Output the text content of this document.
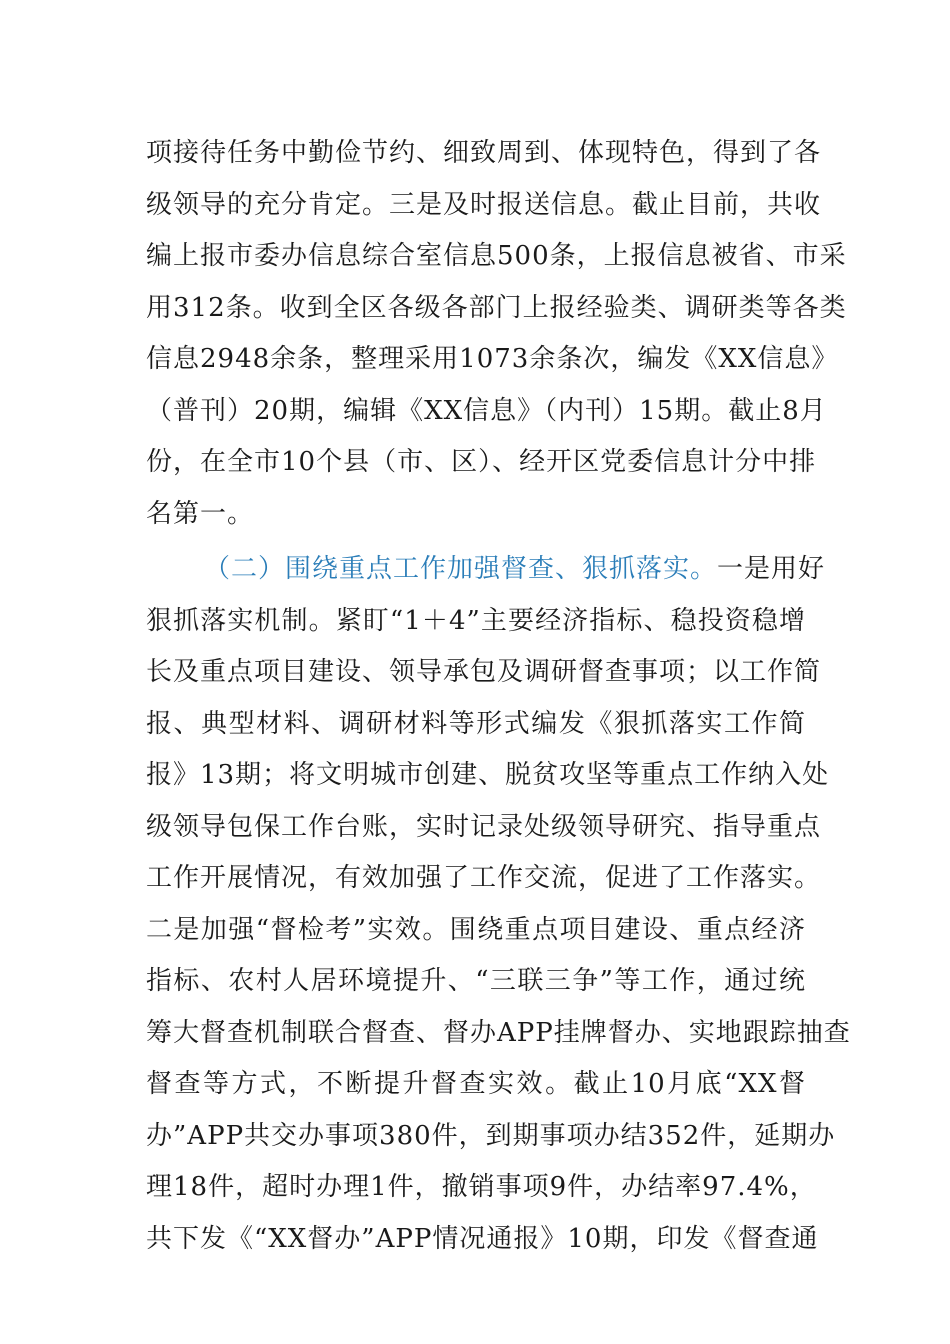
项接待任务中勤俭节约、细致周到、体现特色，得到了各
级领导的充分肯定。三是及时报送信息。截止目前，共收
编上报市委办信息综合室信息500条，上报信息被省、市采
用312条。收到全区各级各部门上报经验类、调研类等各类
信息2948余条，整理采用1073余条次，编发《XX信息》
（普刊）20期，编辑《XX信息》（内刊）15期。截止8月
份，在全市10个县（市、区）、经开区党委信息计分中排
名第一。
（二）围绕重点工作加强督查、狠抓落实。一是用好
狠抓落实机制。紧盯“1＋4”主要经济指标、稳投资稳增
长及重点项目建设、领导承包及调研督查事项；以工作简
报、典型材料、调研材料等形式编发《狠抓落实工作简
报》13期；将文明城市创建、脱贫攻坚等重点工作纳入处
级领导包保工作台账，实时记录处级领导研究、指导重点
工作开展情况，有效加强了工作交流，促进了工作落实。
二是加强“督检考”实效。围绕重点项目建设、重点经济
指标、农村人居环境提升、“三联三争”等工作，通过统
筹大督查机制联合督查、督办APP挂牌督办、实地跟踪抽查
督查等方式，不断提升督查实效。截止10月底“XX督
办”APP共交办事项380件，到期事项办结352件，延期办
理18件，超时办理1件，撤销事项9件，办结率97.4%，
共下发《“XX督办”APP情况通报》10期，印发《督查通
